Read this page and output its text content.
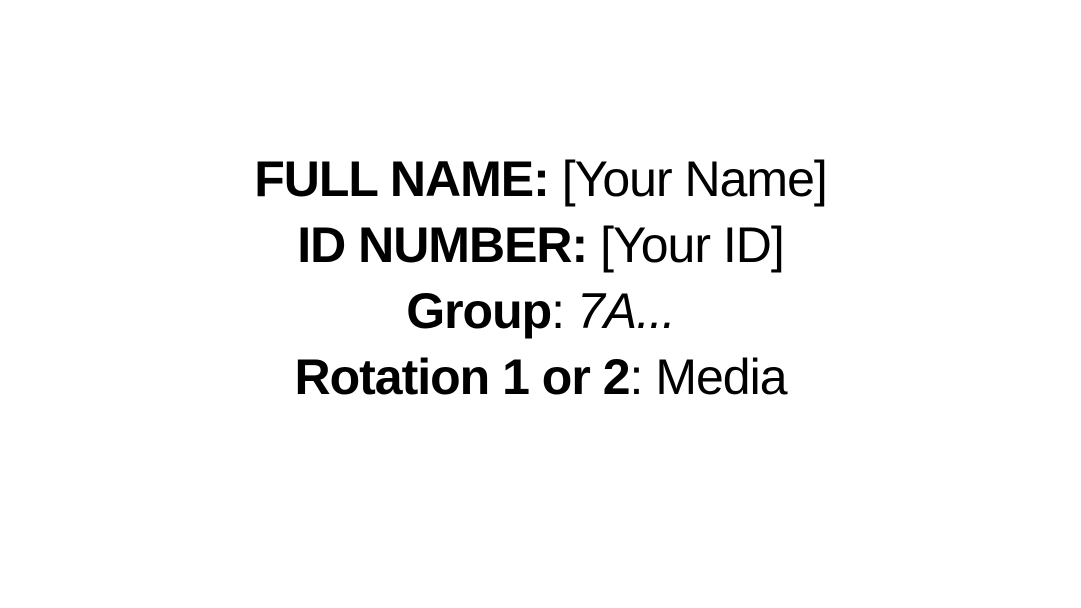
FULL NAME: [Your Name]
ID NUMBER: [Your ID]
Group: 7A...
Rotation 1 or 2: Media
